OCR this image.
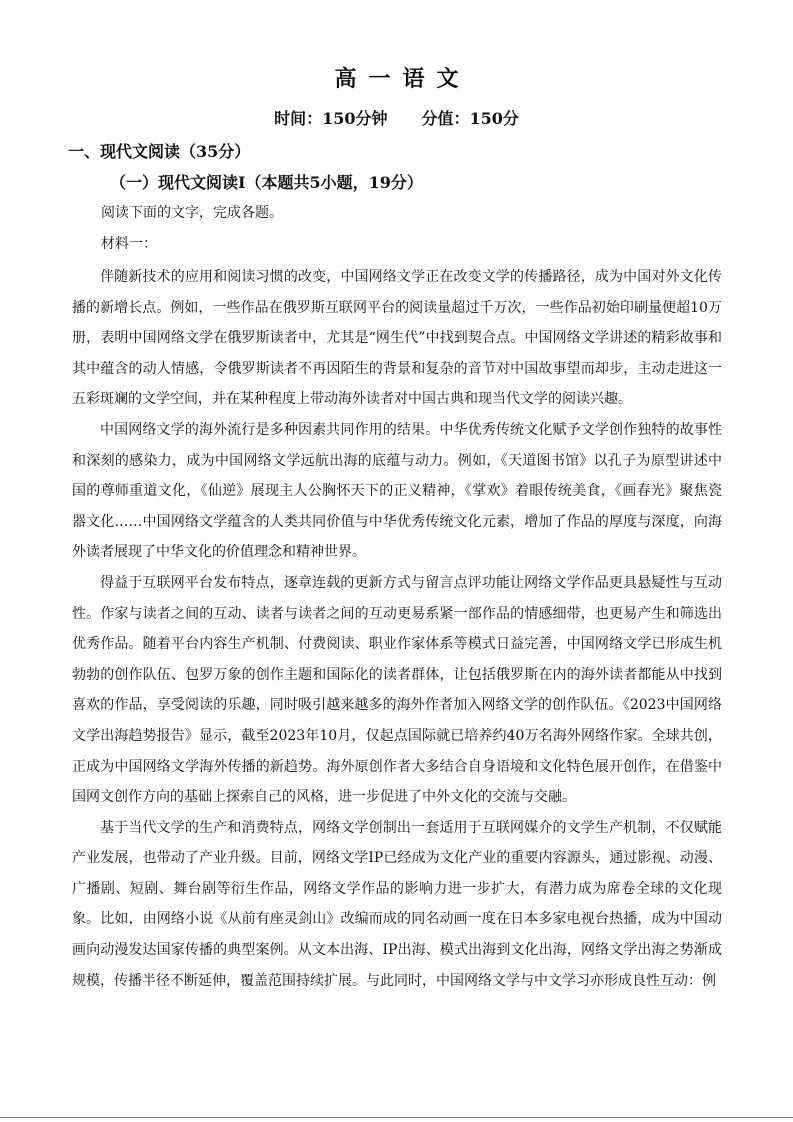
高一语文
时间：150分钟 分值：150分
一、现代文阅读（35分）
（一）现代文阅读Ⅰ（本题共5小题，19分）
阅读下面的文字，完成各题。
材料一：

伴随新技术的应用和阅读习惯的改变，中国网络文学正在改变文学的传播路径，成为中国对外文化传播的新增长点。例如，一些作品在俄罗斯互联网平台的阅读量超过千万次，一些作品初始印刷量便超10万册，表明中国网络文学在俄罗斯读者中，尤其是“网生代”中找到契合点。中国网络文学讲述的精彩故事和其中蕴含的动人情感，令俄罗斯读者不再因陌生的背景和复杂的音节对中国故事望而却步，主动走进这一五彩斑斓的文学空间，并在某种程度上带动海外读者对中国古典和现当代文学的阅读兴趣。

中国网络文学的海外流行是多种因素共同作用的结果。中华优秀传统文化赋予文学创作独特的故事性和深刻的感染力，成为中国网络文学远航出海的底蕴与动力。例如，《天道图书馆》以孔子为原型讲述中国的尊师重道文化，《仙逆》展现主人公胸怀天下的正义精神，《掌欢》着眼传统美食，《画春光》聚焦瓷器文化……中国网络文学蕴含的人类共同价值与中华优秀传统文化元素，增加了作品的厚度与深度，向海外读者展现了中华文化的价值理念和精神世界。

得益于互联网平台发布特点，逐章连载的更新方式与留言点评功能让网络文学作品更具悬疑性与互动性。作家与读者之间的互动、读者与读者之间的互动更易系紧一部作品的情感细带，也更易产生和筛选出优秀作品。随着平台内容生产机制、付费阅读、职业作家体系等模式日益完善，中国网络文学已形成生机勃勃的创作队伍、包罗万象的创作主题和国际化的读者群体，让包括俄罗斯在内的海外读者都能从中找到喜欢的作品，享受阅读的乐趣，同时吸引越来越多的海外作者加入网络文学的创作队伍。《2023中国网络文学出海趋势报告》显示，截至2023年10月，仅起点国际就已培养约40万名海外网络作家。全球共创，正成为中国网络文学海外传播的新趋势。海外原创作者大多结合自身语境和文化特色展开创作，在借鉴中国网文创作方向的基础上探索自己的风格，进一步促进了中外文化的交流与交融。

基于当代文学的生产和消费特点，网络文学创制出一套适用于互联网媒介的文学生产机制，不仅赋能产业发展，也带动了产业升级。目前，网络文学IP已经成为文化产业的重要内容源头，通过影视、动漫、广播剧、短剧、舞台剧等衍生作品，网络文学作品的影响力进一步扩大，有潜力成为席卷全球的文化现象。比如，由网络小说《从前有座灵剑山》改编而成的同名动画一度在日本多家电视台热播，成为中国动画向动漫发达国家传播的典型案例。从文本出海、IP出海、模式出海到文化出海，网络文学出海之势渐成规模，传播半径不断延伸，覆盖范围持续扩展。与此同时，中国网络文学与中文学习亦形成良性互动：例
